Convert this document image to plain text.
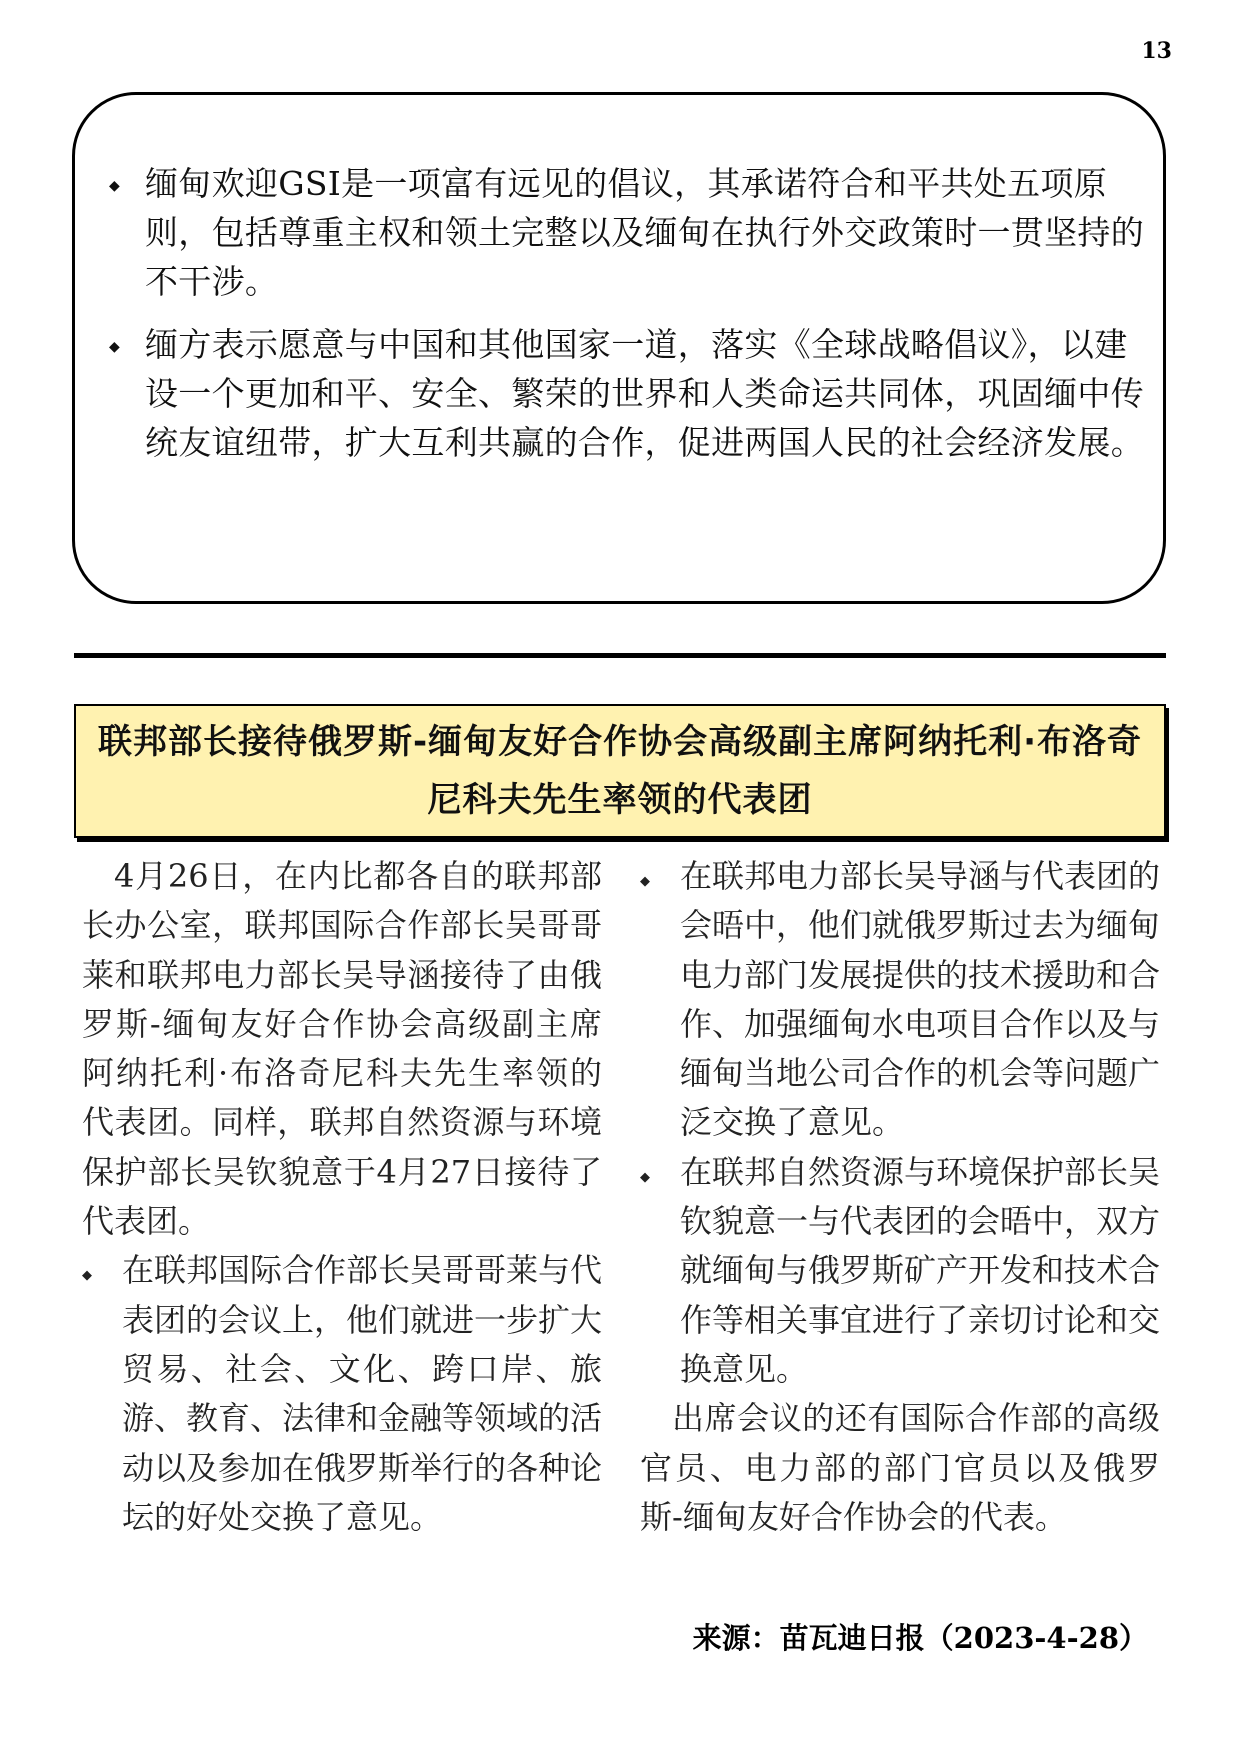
13
◆ 缅甸欢迎GSI是一项富有远见的倡议，其承诺符合和平共处五项原则，包括尊重主权和领土完整以及缅甸在执行外交政策时一贯坚持的不干涉。
◆ 缅方表示愿意与中国和其他国家一道，落实《全球战略倡议》，以建设一个更加和平、安全、繁荣的世界和人类命运共同体，巩固缅中传统友谊纽带，扩大互利共赢的合作，促进两国人民的社会经济发展。
联邦部长接待俄罗斯-缅甸友好合作协会高级副主席阿纳托利·布洛奇尼科夫先生率领的代表团

4月26日，在内比都各自的联邦部长办公室，联邦国际合作部长吴哥哥莱和联邦电力部长吴导涵接待了由俄罗斯-缅甸友好合作协会高级副主席阿纳托利·布洛奇尼科夫先生率领的代表团。同样，联邦自然资源与环境保护部长吴钦貌意于4月27日接待了代表团。

◆ 在联邦国际合作部长吴哥哥莱与代表团的会议上，他们就进一步扩大贸易、社会、文化、跨口岸、旅游、教育、法律和金融等领域的活动以及参加在俄罗斯举行的各种论坛的好处交换了意见。
◆ 在联邦电力部长吴导涵与代表团的会晤中，他们就俄罗斯过去为缅甸电力部门发展提供的技术援助和合作、加强缅甸水电项目合作以及与缅甸当地公司合作的机会等问题广泛交换了意见。
◆ 在联邦自然资源与环境保护部长吴钦貌意一与代表团的会晤中，双方就缅甸与俄罗斯矿产开发和技术合作等相关事宜进行了亲切讨论和交换意见。

出席会议的还有国际合作部的高级官员、电力部的部门官员以及俄罗斯-缅甸友好合作协会的代表。

来源：苗瓦迪日报（2023-4-28）
